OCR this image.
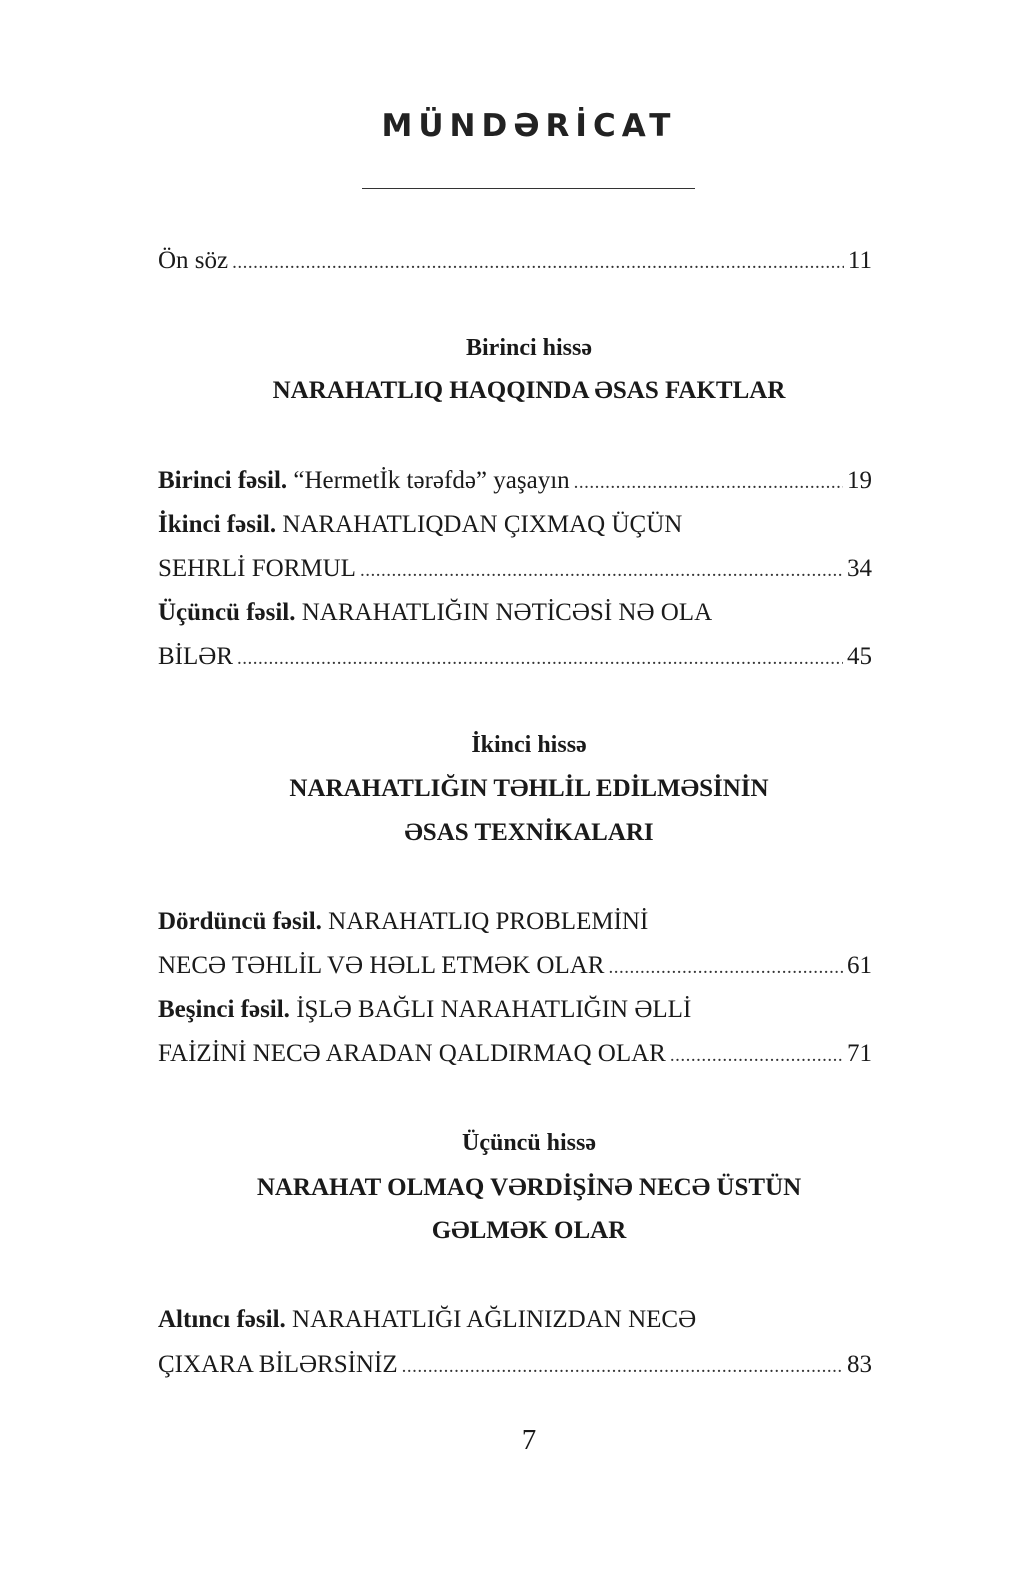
MÜNDƏRİCAT
Ön söz .....	11
Birinci hissə
NARAHATLIQ HAQQINDA ƏSAS FAKTLAR
Birinci fəsil. “Hermetİk tərəfdə” yaşayın .....	19
İkinci fəsil. NARAHATLIQDAN ÇIXMAQ ÜÇÜN
SEHRLİ FORMUL .....	34
Üçüncü fəsil. NARAHATLIĞIN NƏTİCƏSİ NƏ OLA
BİLƏR .....	45
İkinci hissə
NARAHATLIĞIN TƏHLİL EDİLMƏSİNİN
ƏSAS TEXNİKALARI
Dördüncü fəsil. NARAHATLIQ PROBLEMİNİ
NECƏ TƏHLİL VƏ HƏLL ETMƏK OLAR .....	61
Beşinci fəsil. İŞLƏ BAĞLI NARAHATLIĞIN ƏLLİ
FAİZİNİ NECƏ ARADAN QALDIRMAQ OLAR .....	71
Üçüncü hissə
NARAHAT OLMAQ VƏRDİŞİNƏ NECƏ ÜSTÜN
GƏLMƏK OLAR
Altıncı fəsil. NARAHATLIĞI AĞLINIZDAN NECƏ
ÇIXARA BİLƏRSİNİZ .....	83
7
